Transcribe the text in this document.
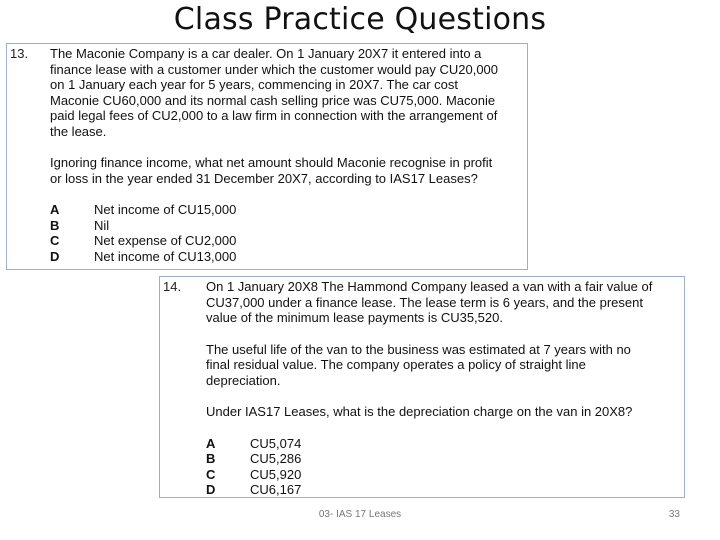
Class Practice Questions
13. The Maconie Company is a car dealer. On 1 January 20X7 it entered into a

finance lease with a customer under which the customer would pay CU20,000

on 1 January each year for 5 years, commencing in 20X7. The car cost

Maconie CU60,000 and its normal cash selling price was CU75,000. Maconie

paid legal fees of CU2,000 to a law firm in connection with the arrangement of

the lease.

Ignoring finance income, what net amount should Maconie recognise in profit

or loss in the year ended 31 December 20X7, according to IAS17 Leases?

A	Net income of CU15,000
B	Nil
C	Net expense of CU2,000
D	Net income of CU13,000
14. On 1 January 20X8 The Hammond Company leased a van with a fair value of

CU37,000 under a finance lease. The lease term is 6 years, and the present

value of the minimum lease payments is CU35,520.

The useful life of the van to the business was estimated at 7 years with no

final residual value. The company operates a policy of straight line

depreciation.

Under IAS17 Leases, what is the depreciation charge on the van in 20X8?

A	CU5,074
B	CU5,286
C	CU5,920
D	CU6,167
03- IAS 17 Leases	33
